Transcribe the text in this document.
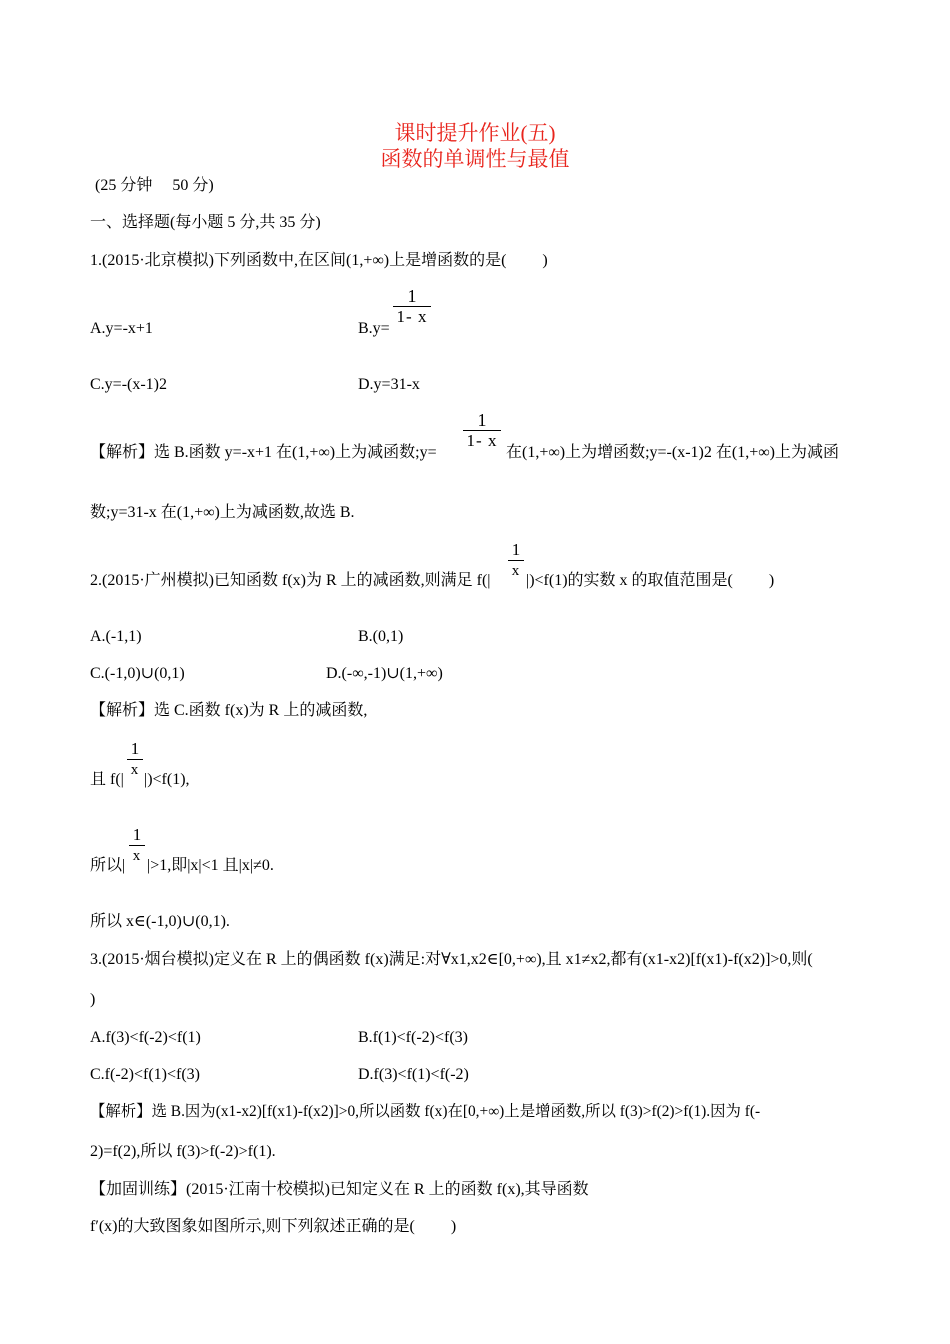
课时提升作业(五)
函数的单调性与最值
(25 分钟　 50 分)
一、选择题(每小题 5 分,共 35 分)
1.(2015·北京模拟)下列函数中,在区间(1,+∞)上是增函数的是(　　 )
A.y=-x+1	B.y=
1
1- x
C.y=-(x-1)2	D.y=31-x
【解析】选 B.函数 y=-x+1 在(1,+∞)上为减函数;y=
1
1- x
在(1,+∞)上为增函数;y=-(x-1)2 在(1,+∞)上为减函
数;y=31-x 在(1,+∞)上为减函数,故选 B.
2.(2015·广州模拟)已知函数 f(x)为 R 上的减函数,则满足 f(|
1
x
|)<f(1)的实数 x 的取值范围是(　　 )
A.(-1,1)	B.(0,1)
C.(-1,0)∪(0,1)	D.(-∞,-1)∪(1,+∞)
【解析】选 C.函数 f(x)为 R 上的减函数,
且 f(|
1
x
|)<f(1),
所以|
1
x
|>1,即|x|<1 且|x|≠0.
所以 x∈(-1,0)∪(0,1).
3.(2015·烟台模拟)定义在 R 上的偶函数 f(x)满足:对∀x1,x2∈[0,+∞),且 x1≠x2,都有(x1-x2)[f(x1)-f(x2)]>0,则(
)
A.f(3)<f(-2)<f(1)	B.f(1)<f(-2)<f(3)
C.f(-2)<f(1)<f(3)	D.f(3)<f(1)<f(-2)
【解析】选 B.因为(x1-x2)[f(x1)-f(x2)]>0,所以函数 f(x)在[0,+∞)上是增函数,所以 f(3)>f(2)>f(1).因为 f(-
2)=f(2),所以 f(3)>f(-2)>f(1).
【加固训练】(2015·江南十校模拟)已知定义在 R 上的函数 f(x),其导函数
f′(x)的大致图象如图所示,则下列叙述正确的是(　　 )
